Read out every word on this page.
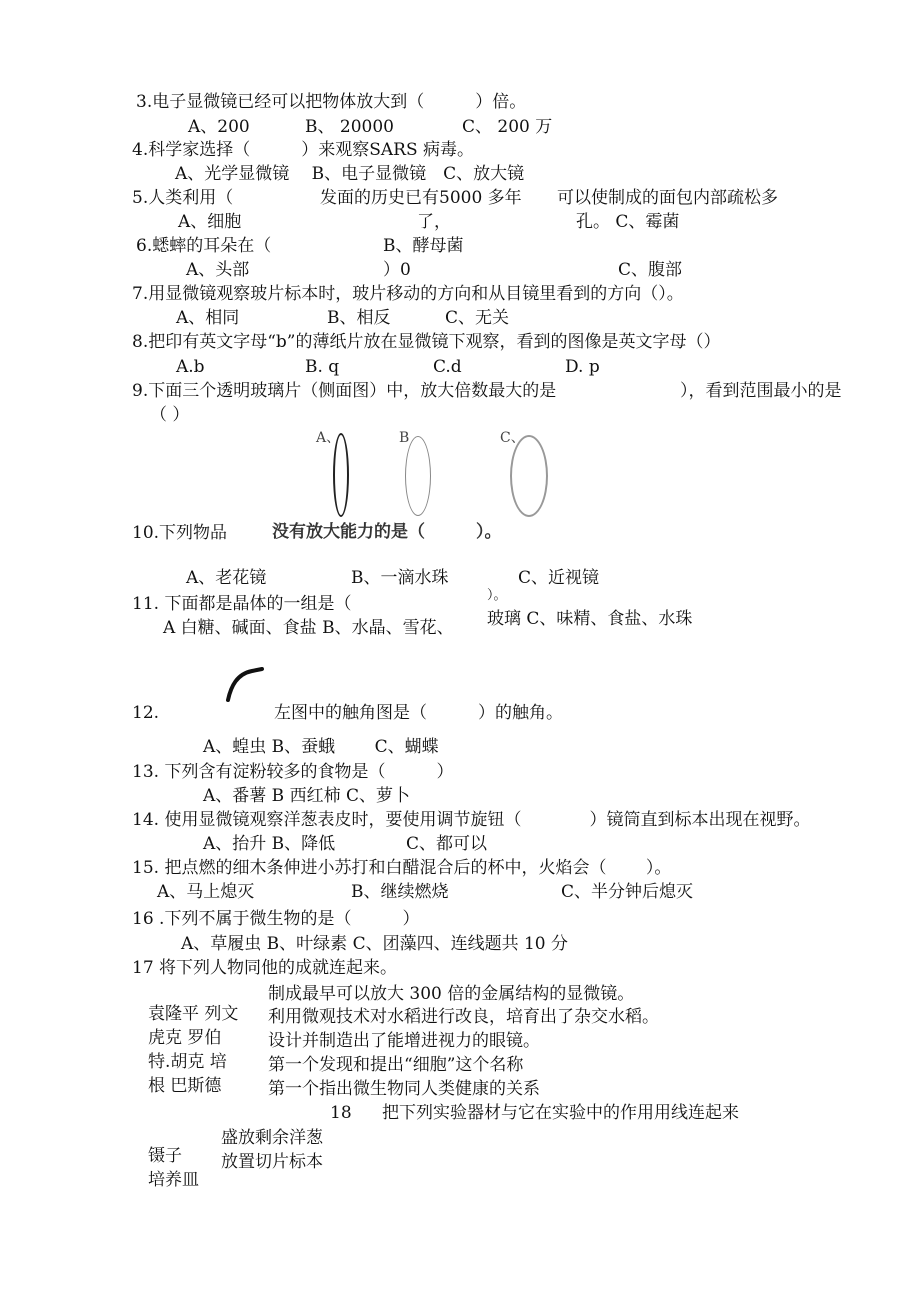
3.电子显微镜已经可以把物体放大到（　　　）倍。
A、200	B、 20000	C、 200 万
4.科学家选择（　　　）来观察SARS 病毒。
A、光学显微镜　 B、电子显微镜　C、放大镜
5.人类利用（	发面的历史已有5000 多年 可以使制成的面包内部疏松多
A、细胞	了，	孔。 C、霉菌
6.蟋蟀的耳朵在（	B、酵母菌
A、头部	）0	C、腹部
7.用显微镜观察玻片标本时，玻片移动的方向和从目镜里看到的方向（）。
A、相同	B、相反	C、无关
8.把印有英文字母“b”的薄纸片放在显微镜下观察，看到的图像是英文字母（）
A.b	B. q	C.d	D. p
9.下面三个透明玻璃片（侧面图）中，放大倍数最大的是	），看到范围最小的是
（ ）
A、	B	C、
10.下列物品	没有放大能力的是（　　　）。
A、老花镜	B、一滴水珠	C、近视镜
11. 下面都是晶体的一组是（	）。
A 白糖、碱面、食盐 B、水晶、雪花、 玻璃 C、味精、食盐、水珠
12.	左图中的触角图是（　　　）的触角。
A、蝗虫 B、蚕蛾　　 C、蝴蝶
13. 下列含有淀粉较多的食物是（　　　）
A、番薯 B 西红柿 C、萝卜
14. 使用显微镜观察洋葱表皮时，要使用调节旋钮（　　　　）镜筒直到标本出现在视野。
A、抬升 B、降低	C、都可以
15. 把点燃的细木条伸进小苏打和白醋混合后的杯中，火焰会（　　 ）。
A、马上熄灭	B、继续燃烧	C、半分钟后熄灭
16 .下列不属于微生物的是（　　　）
A、草履虫 B、叶绿素 C、团藻四、连线题共 10 分
17 将下列人物同他的成就连起来。
制成最早可以放大 300 倍的金属结构的显微镜。
袁隆平 列文 利用微观技术对水稻进行改良，培育出了杂交水稻。
虎克 罗伯	设计并制造出了能增进视力的眼镜。
特.胡克 培 第一个发现和提出“细胞”这个名称
根 巴斯德	第一个指出微生物同人类健康的关系
18 把下列实验器材与它在实验中的作用用线连起来
盛放剩余洋葱
镊子 放置切片标本
培养皿
